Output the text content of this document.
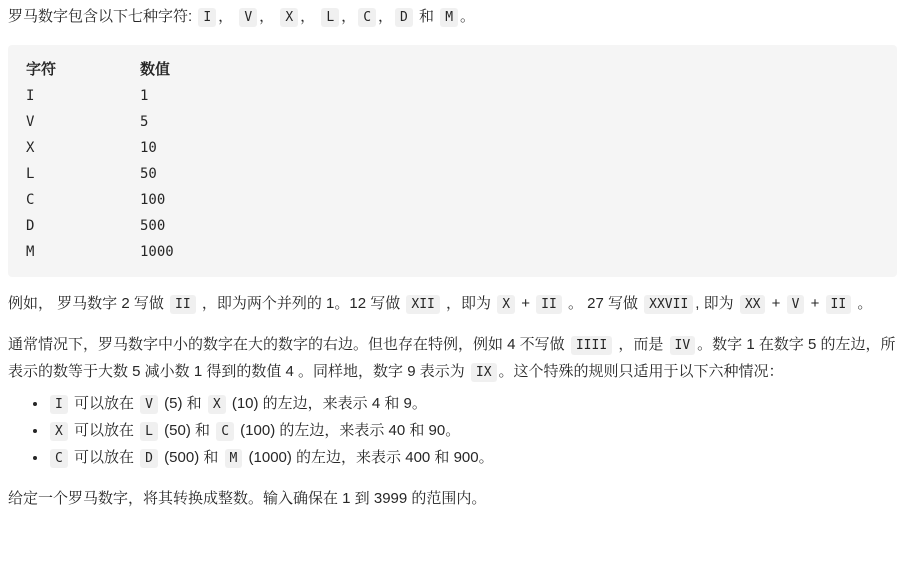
罗马数字包含以下七种字符: I ， V ， X ， L ， C ， D 和 M 。

字符	数值
I	1
V	5
X	10
L	50
C	100
D	500
M	1000

例如， 罗马数字 2 写做 II ，即为两个并列的 1。12 写做 XII ，即为 X + II 。 27 写做 XXVII , 即为 XX + V + II 。

通常情况下，罗马数字中小的数字在大的数字的右边。但也存在特例，例如 4 不写做 IIII ，而是 IV 。数字 1 在数字 5 的左边，所表示的数等于大数 5 减小数 1 得到的数值 4 。同样地，数字 9 表示为 IX 。这个特殊的规则只适用于以下六种情况：

• I 可以放在 V (5) 和 X (10) 的左边，来表示 4 和 9。
• X 可以放在 L (50) 和 C (100) 的左边，来表示 40 和 90。
• C 可以放在 D (500) 和 M (1000) 的左边，来表示 400 和 900。

给定一个罗马数字，将其转换成整数。输入确保在 1 到 3999 的范围内。
